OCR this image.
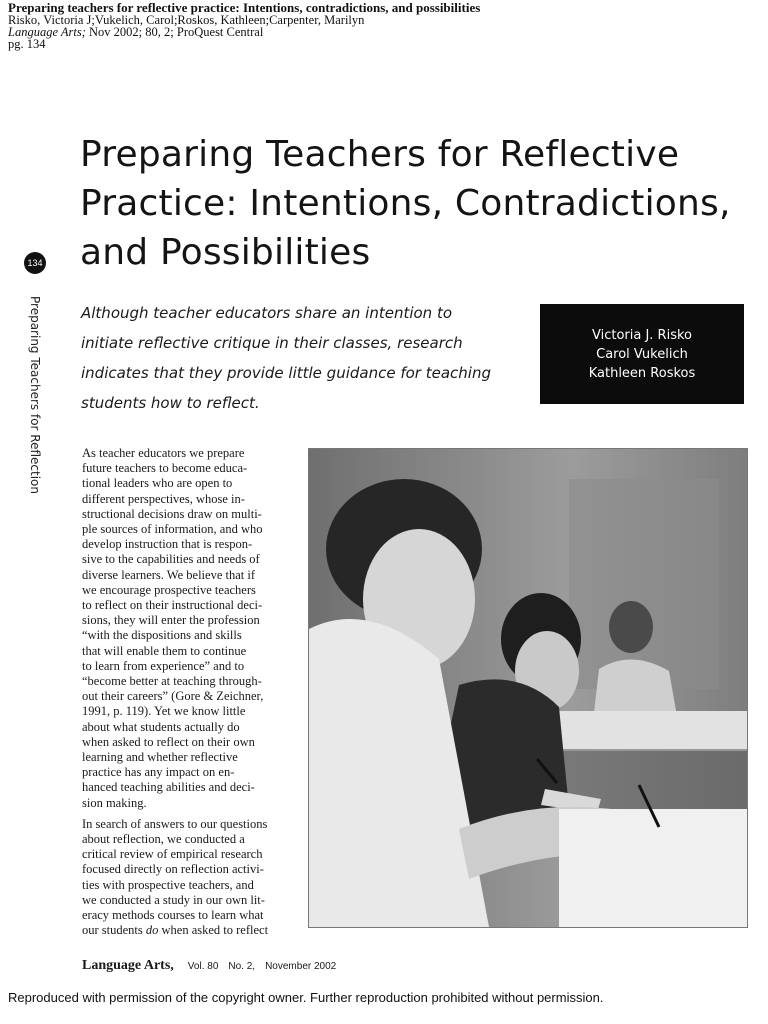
Preparing teachers for reflective practice: Intentions, contradictions, and possibilities
Risko, Victoria J;Vukelich, Carol;Roskos, Kathleen;Carpenter, Marilyn
Language Arts; Nov 2002; 80, 2; ProQuest Central
pg. 134
Preparing Teachers for Reflective
Practice: Intentions, Contradictions,
and Possibilities
134
Preparing Teachers for Reflection	Although teacher educators share an intention to
initiate reflective critique in their classes, research
indicates that they provide little guidance for teaching
students how to reflect.
Victoria J. Risko
Carol Vukelich
Kathleen Roskos

As teacher educators we prepare
future teachers to become educa-
tional leaders who are open to
different perspectives, whose in-
structional decisions draw on multi-
ple sources of information, and who
develop instruction that is respon-
sive to the capabilities and needs of
diverse learners. We believe that if
we encourage prospective teachers
to reflect on their instructional deci-
sions, they will enter the profession
“with the dispositions and skills
that will enable them to continue
to learn from experience” and to
“become better at teaching through-
out their careers” (Gore & Zeichner,
1991, p. 119). Yet we know little
about what students actually do
when asked to reflect on their own
learning and whether reflective
practice has any impact on en-
hanced teaching abilities and deci-
sion making.

In search of answers to our questions
about reflection, we conducted a
critical review of empirical research
focused directly on reflection activi-
ties with prospective teachers, and
we conducted a study in our own lit-
eracy methods courses to learn what
our students do when asked to reflect

Language Arts, Vol. 80 No. 2, November 2002
Reproduced with permission of the copyright owner. Further reproduction prohibited without permission.
